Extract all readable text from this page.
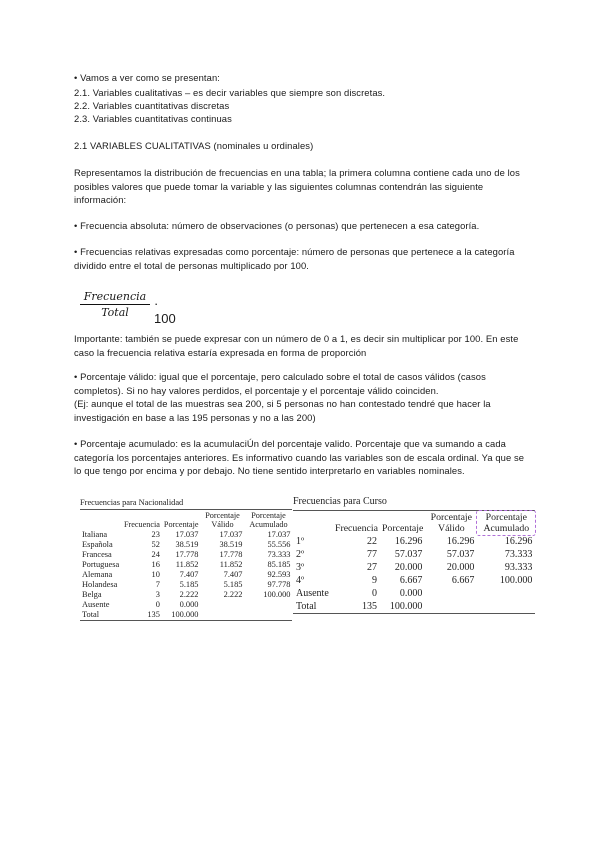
• Vamos a ver como se presentan:
2.1. Variables cualitativas – es decir variables que siempre son discretas.
2.2. Variables cuantitativas discretas
2.3. Variables cuantitativas continuas
2.1 VARIABLES CUALITATIVAS (nominales u ordinales)
Representamos la distribución de frecuencias en una tabla; la primera columna contiene cada uno de los posibles valores que puede tomar la variable y las siguientes columnas contendrán las siguiente información:
• Frecuencia absoluta: número de observaciones (o personas) que pertenecen a esa categoría.
• Frecuencias relativas expresadas como porcentaje: número de personas que pertenece a la categoría dividido entre el total de personas multiplicado por 100.
Frecuencia
Total
· 100
Importante: también se puede expresar con un número de 0 a 1, es decir sin multiplicar por 100. En este caso la frecuencia relativa estaría expresada en forma de proporción
• Porcentaje válido: igual que el porcentaje, pero calculado sobre el total de casos válidos (casos completos). Si no hay valores perdidos, el porcentaje y el porcentaje válido coinciden.
(Ej: aunque el total de las muestras sea 200, si 5 personas no han contestado tendré que hacer la investigación en base a las 195 personas y no a las 200)
• Porcentaje acumulado: es la acumulaciÚn del porcentaje valido. Porcentaje que va sumando a cada categoría los porcentajes anteriores. Es informativo cuando las variables son de escala ordinal. Ya que se lo que tengo por encima y por debajo. No tiene sentido interpretarlo en variables nominales.
Frecuencias para Nacionalidad
	Frecuencia	Porcentaje	Porcentaje Válido	Porcentaje Acumulado
Italiana	23	17.037	17.037	17.037
Española	52	38.519	38.519	55.556
Francesa	24	17.778	17.778	73.333
Portuguesa	16	11.852	11.852	85.185
Alemana	10	7.407	7.407	92.593
Holandesa	7	5.185	5.185	97.778
Belga	3	2.222	2.222	100.000
Ausente	0	0.000		
Total	135	100.000		
Frecuencias para Curso
	Frecuencia	Porcentaje	Porcentaje Válido	Porcentaje Acumulado
1º	22	16.296	16.296	16.296
2º	77	57.037	57.037	73.333
3º	27	20.000	20.000	93.333
4º	9	6.667	6.667	100.000
Ausente	0	0.000		
Total	135	100.000		
